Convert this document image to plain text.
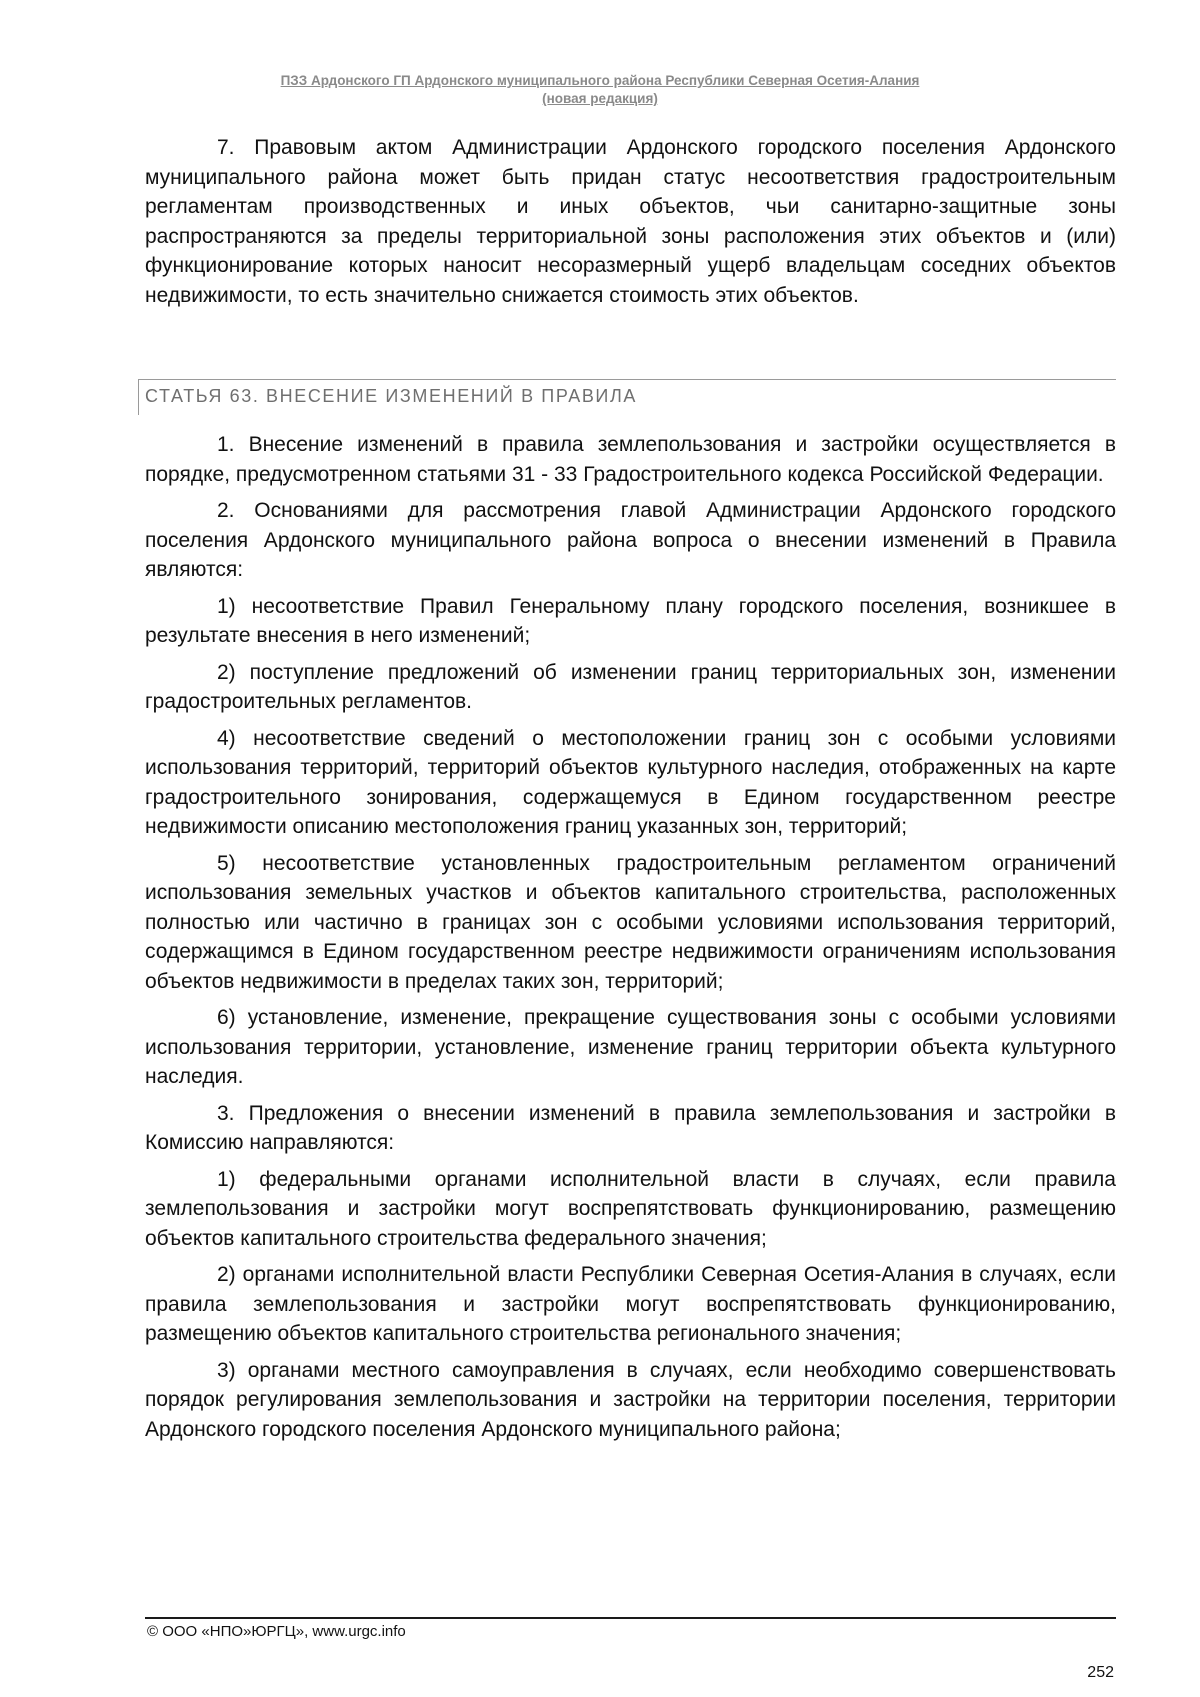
ПЗЗ Ардонского ГП Ардонского муниципального района Республики Северная Осетия-Алания
(новая редакция)

7. Правовым актом Администрации Ардонского городского поселения Ардонского муниципального района может быть придан статус несоответствия градостроительным регламентам производственных и иных объектов, чьи санитарно-защитные зоны распространяются за пределы территориальной зоны расположения этих объектов и (или) функционирование которых наносит несоразмерный ущерб владельцам соседних объектов недвижимости, то есть значительно снижается стоимость этих объектов.

СТАТЬЯ 63. ВНЕСЕНИЕ ИЗМЕНЕНИЙ В ПРАВИЛА

1. Внесение изменений в правила землепользования и застройки осуществляется в порядке, предусмотренном статьями 31 - 33 Градостроительного кодекса Российской Федерации.

2. Основаниями для рассмотрения главой Администрации Ардонского городского поселения Ардонского муниципального района вопроса о внесении изменений в Правила являются:

1) несоответствие Правил Генеральному плану городского поселения, возникшее в результате внесения в него изменений;

2) поступление предложений об изменении границ территориальных зон, изменении градостроительных регламентов.

4) несоответствие сведений о местоположении границ зон с особыми условиями использования территорий, территорий объектов культурного наследия, отображенных на карте градостроительного зонирования, содержащемуся в Едином государственном реестре недвижимости описанию местоположения границ указанных зон, территорий;

5) несоответствие установленных градостроительным регламентом ограничений использования земельных участков и объектов капитального строительства, расположенных полностью или частично в границах зон с особыми условиями использования территорий, содержащимся в Едином государственном реестре недвижимости ограничениям использования объектов недвижимости в пределах таких зон, территорий;

6) установление, изменение, прекращение существования зоны с особыми условиями использования территории, установление, изменение границ территории объекта культурного наследия.

3. Предложения о внесении изменений в правила землепользования и застройки в Комиссию направляются:

1) федеральными органами исполнительной власти в случаях, если правила землепользования и застройки могут воспрепятствовать функционированию, размещению объектов капитального строительства федерального значения;

2) органами исполнительной власти Республики Северная Осетия-Алания в случаях, если правила землепользования и застройки могут воспрепятствовать функционированию, размещению объектов капитального строительства регионального значения;

3) органами местного самоуправления в случаях, если необходимо совершенствовать порядок регулирования землепользования и застройки на территории поселения, территории Ардонского городского поселения Ардонского муниципального района;

© ООО «НПО»ЮРГЦ», www.urgc.info
252
